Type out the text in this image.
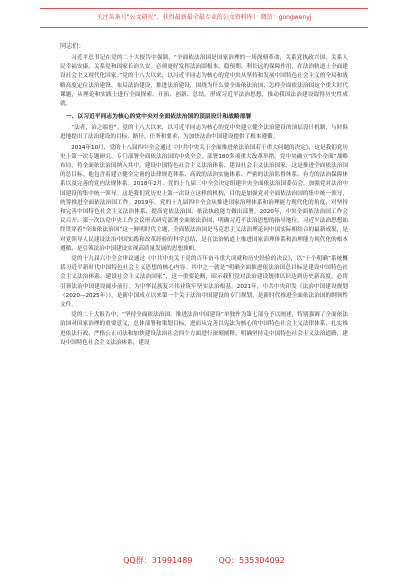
关注头条号“公文研究”，获得最新最全最专业的公文资料库！ 微信：gongwenyj
同志们：

习近平总书记在党的二十大报告中强调，“全面依法治国是国家治理的一场深刻革命，关系党执政兴国，关系人民幸福安康，关系党和国家长治久安。必须更好发挥法治固根本、稳预期、利长远的保障作用，在法治轨道上全面建设社会主义现代化国家。”党的十八大以来，以习近平同志为核心的党中央从坚持和发展中国特色社会主义的全局和战略高度定位法治建设、布局法治建设，推进法治建设，围绕为什么要全面依法治国、怎样全面依法治国这个重大时代课题，从理论和实践上进行全面探索、开拓、创新、总结，形成习近平法治思想，推动我国法治建设取得历史性成就。

一、以习近平同志为核心的党中央对全面依法治国的顶层设计和战略部署

“法者，治之端也”。党的十八大以来，以习近平同志为核心的党中央建立健全法治建设的顶层设计机制，与时俱进地提出了法治建设的目标、路径、任务和要求，为加快法治中国建设提供了根本遵循。

2014年10月，党的十八届四中全会通过《中共中央关于全面推进依法治国若干重大问题的决定》，这是我们党历史上第一次专题研究、专门部署全面依法治国的中央全会，部署180多项重大改革举措。党中央确立“四个全面”战略布局，将全面依法治国纳入其中。建设中国特色社会主义法治体系、建设社会主义法治国家，这是推进全面依法治国的总目标。他包含着建立健全完备的法律规范体系、高效的法治实施体系、严密的法治监督体系、有力的法治保障体系以及完善的党内法规体系。2018年2月，党的十九届三中全会决定组建中央全面依法治国委员会，加强党对法治中国建设的集中统一领导。这是我们党历史上第一次设立这样的机构，目的是加强党对全面依法治国的集中统一领导，统筹推进全面依法治国工作。2019年，党的十九届四中全会从推进国家治理体系和治理能力现代化的角度，对坚持和完善中国特色社会主义法治体系、提高党依法治国、依法执政能力做出部署。2020年，中央全面依法治国工作会议召开，第一次以党中央工作会议形式研究部署全面依法治国，明确习近平法治思想的指导地位。习近平法治思想始终贯穿着“全面依法治国”这一鲜明时代主题，全面依法治国是马克思主义法治理论同中国实际相结合的最新成果，是对党领导人民建设法治中国实践和改革经验的科学总结，是在法治轨道上推进国家治理体系和治理能力现代化的根本遵循，是引领法治中国建设实现高质量发展的思想旗帜。

党的十九届六中全会审议通过《中共中央关于党的百年奋斗重大成就和历史经验的决议》，以“十个明确”系统概括习近平新时代中国特色社会主义思想的核心内容。其中之一就是“明确全面推进依法治国总目标是建设中国特色社会主义法治体系、建设社会主义法治国家”，这一重要论断，昭示我们党对法治建设规律认识达到历史新高度，必将引领法治中国建设阔步前行。为中华民族复兴伟业筑牢坚实法治根基。2021年，中共中央印发《法治中国建设规划（2020—2025年）》，是新中国成立以来第一个关于法治中国建设的专门规划，是新时代推进全面依法治国的纲领性文件。

党的二十大报告中，“坚持全面依法治国，推进法治中国建设”单独作为第七部分予以阐述，特别强调了全面依法治国对国家治理的重要意义，总体部署和策划目标，进而从完善以宪法为核心的中国特色社会主义法律体系、扎实推进依法行政、严格公正司法和加快建设法治社会四个方面进行深刻阐释，明确坚持走中国特色社会主义法治道路，建设中国特色社会主义法治体系，建设

QQ群：31991489	QQ：535304092
